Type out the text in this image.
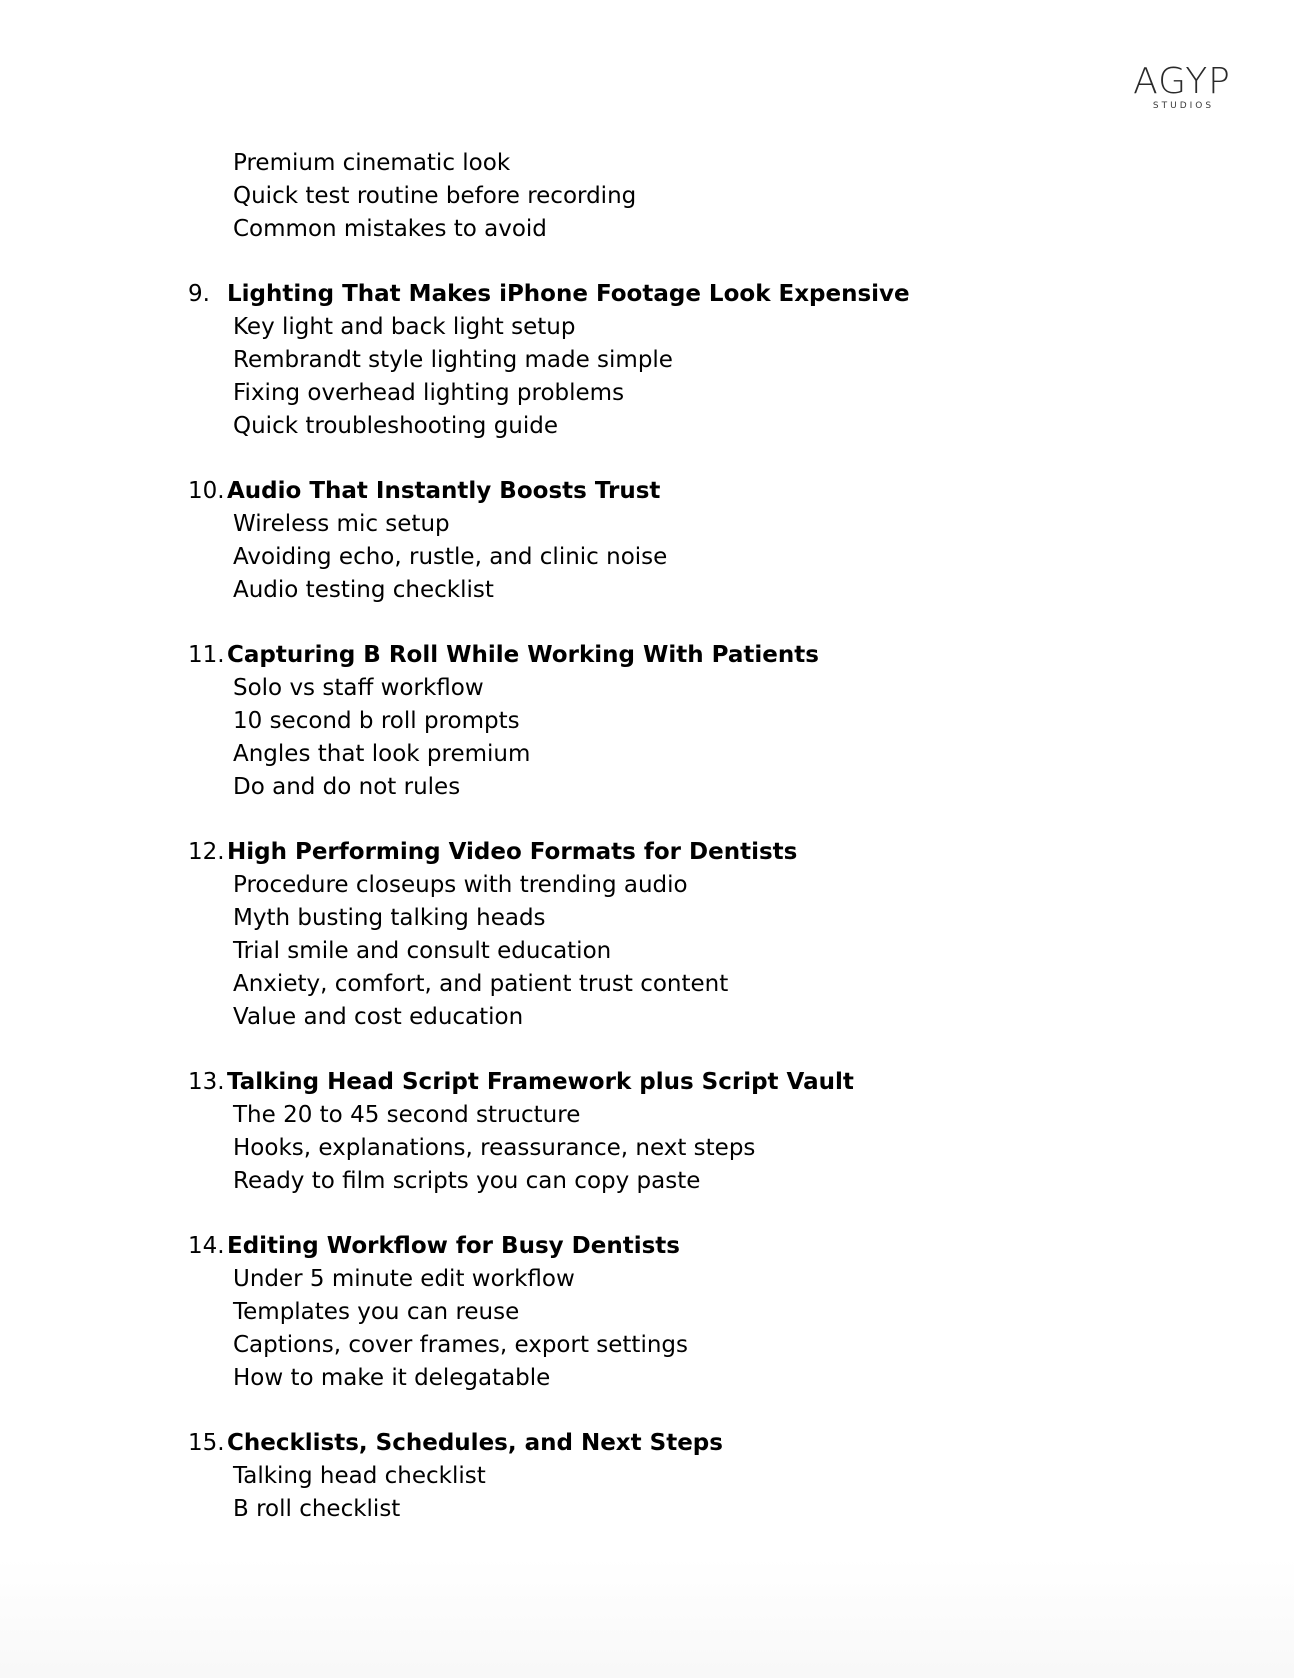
AGYP
STUDIOS

Premium cinematic look

Quick test routine before recording

Common mistakes to avoid

9. Lighting That Makes iPhone Footage Look Expensive

Key light and back light setup

Rembrandt style lighting made simple

Fixing overhead lighting problems

Quick troubleshooting guide

10. Audio That Instantly Boosts Trust

Wireless mic setup

Avoiding echo, rustle, and clinic noise

Audio testing checklist

11. Capturing B Roll While Working With Patients

Solo vs staff workflow

10 second b roll prompts

Angles that look premium

Do and do not rules

12. High Performing Video Formats for Dentists

Procedure closeups with trending audio

Myth busting talking heads

Trial smile and consult education

Anxiety, comfort, and patient trust content

Value and cost education

13. Talking Head Script Framework plus Script Vault

The 20 to 45 second structure

Hooks, explanations, reassurance, next steps

Ready to film scripts you can copy paste

14. Editing Workflow for Busy Dentists

Under 5 minute edit workflow

Templates you can reuse

Captions, cover frames, export settings

How to make it delegatable

15. Checklists, Schedules, and Next Steps

Talking head checklist

B roll checklist
